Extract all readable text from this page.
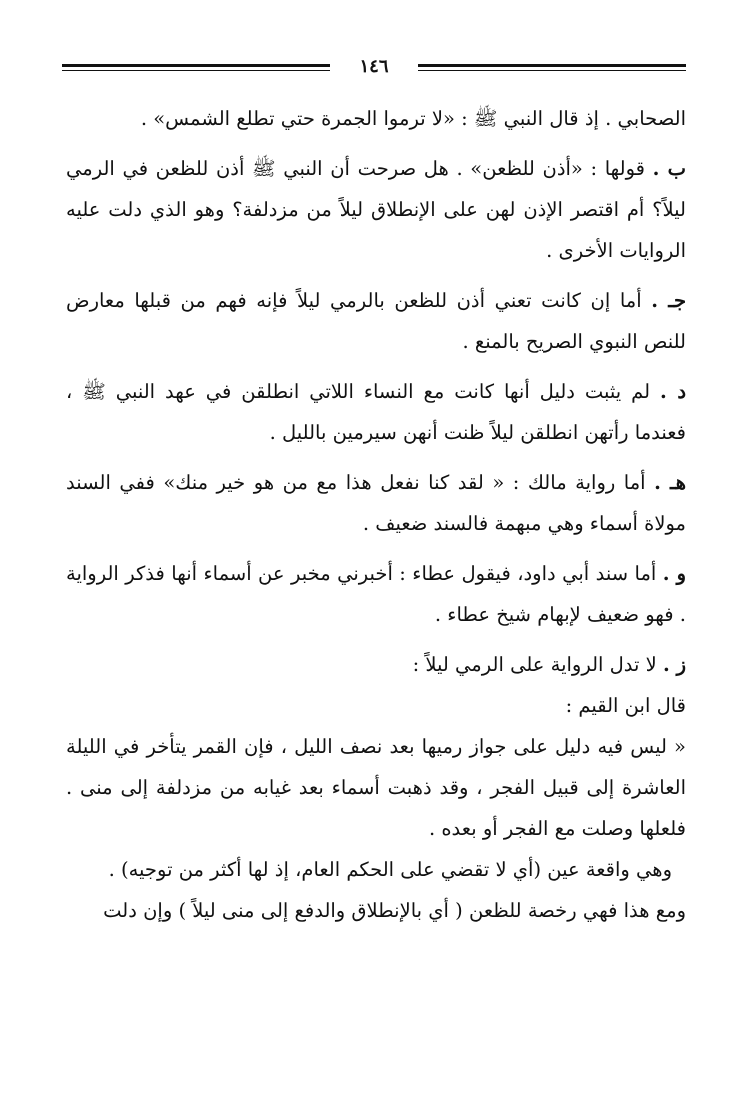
١٤٦

الصحابي . إذ قال النبي ﷺ : «لا ترموا الجمرة حتي تطلع الشمس» .

ب . قولها : «أذن للظعن» . هل صرحت أن النبي ﷺ أذن للظعن في الرمي ليلاً؟ أم اقتصر الإذن لهن على الإنطلاق ليلاً من مزدلفة؟ وهو الذي دلت عليه الروايات الأخرى .

جـ . أما إن كانت تعني أذن للظعن بالرمي ليلاً فإنه فهم من قبلها معارض للنص النبوي الصريح بالمنع .

د . لم يثبت دليل أنها كانت مع النساء اللاتي انطلقن في عهد النبي ﷺ ، فعندما رأتهن انطلقن ليلاً ظنت أنهن سيرمين بالليل .

هـ . أما رواية مالك : « لقد كنا نفعل هذا مع من هو خير منك» ففي السند مولاة أسماء وهي مبهمة فالسند ضعيف .

و . أما سند أبي داود، فيقول عطاء : أخبرني مخبر عن أسماء أنها فذكر الرواية . فهو ضعيف لإبهام شيخ عطاء .

ز . لا تدل الرواية على الرمي ليلاً :

قال ابن القيم :

« ليس فيه دليل على جواز رميها بعد نصف الليل ، فإن القمر يتأخر في الليلة العاشرة إلى قبيل الفجر ، وقد ذهبت أسماء بعد غيابه من مزدلفة إلى منى . فلعلها وصلت مع الفجر أو بعده .

وهي واقعة عين (أي لا تقضي على الحكم العام، إذ لها أكثر من توجيه) .

ومع هذا فهي رخصة للظعن ( أي بالإنطلاق والدفع إلى منى ليلاً ) وإن دلت
